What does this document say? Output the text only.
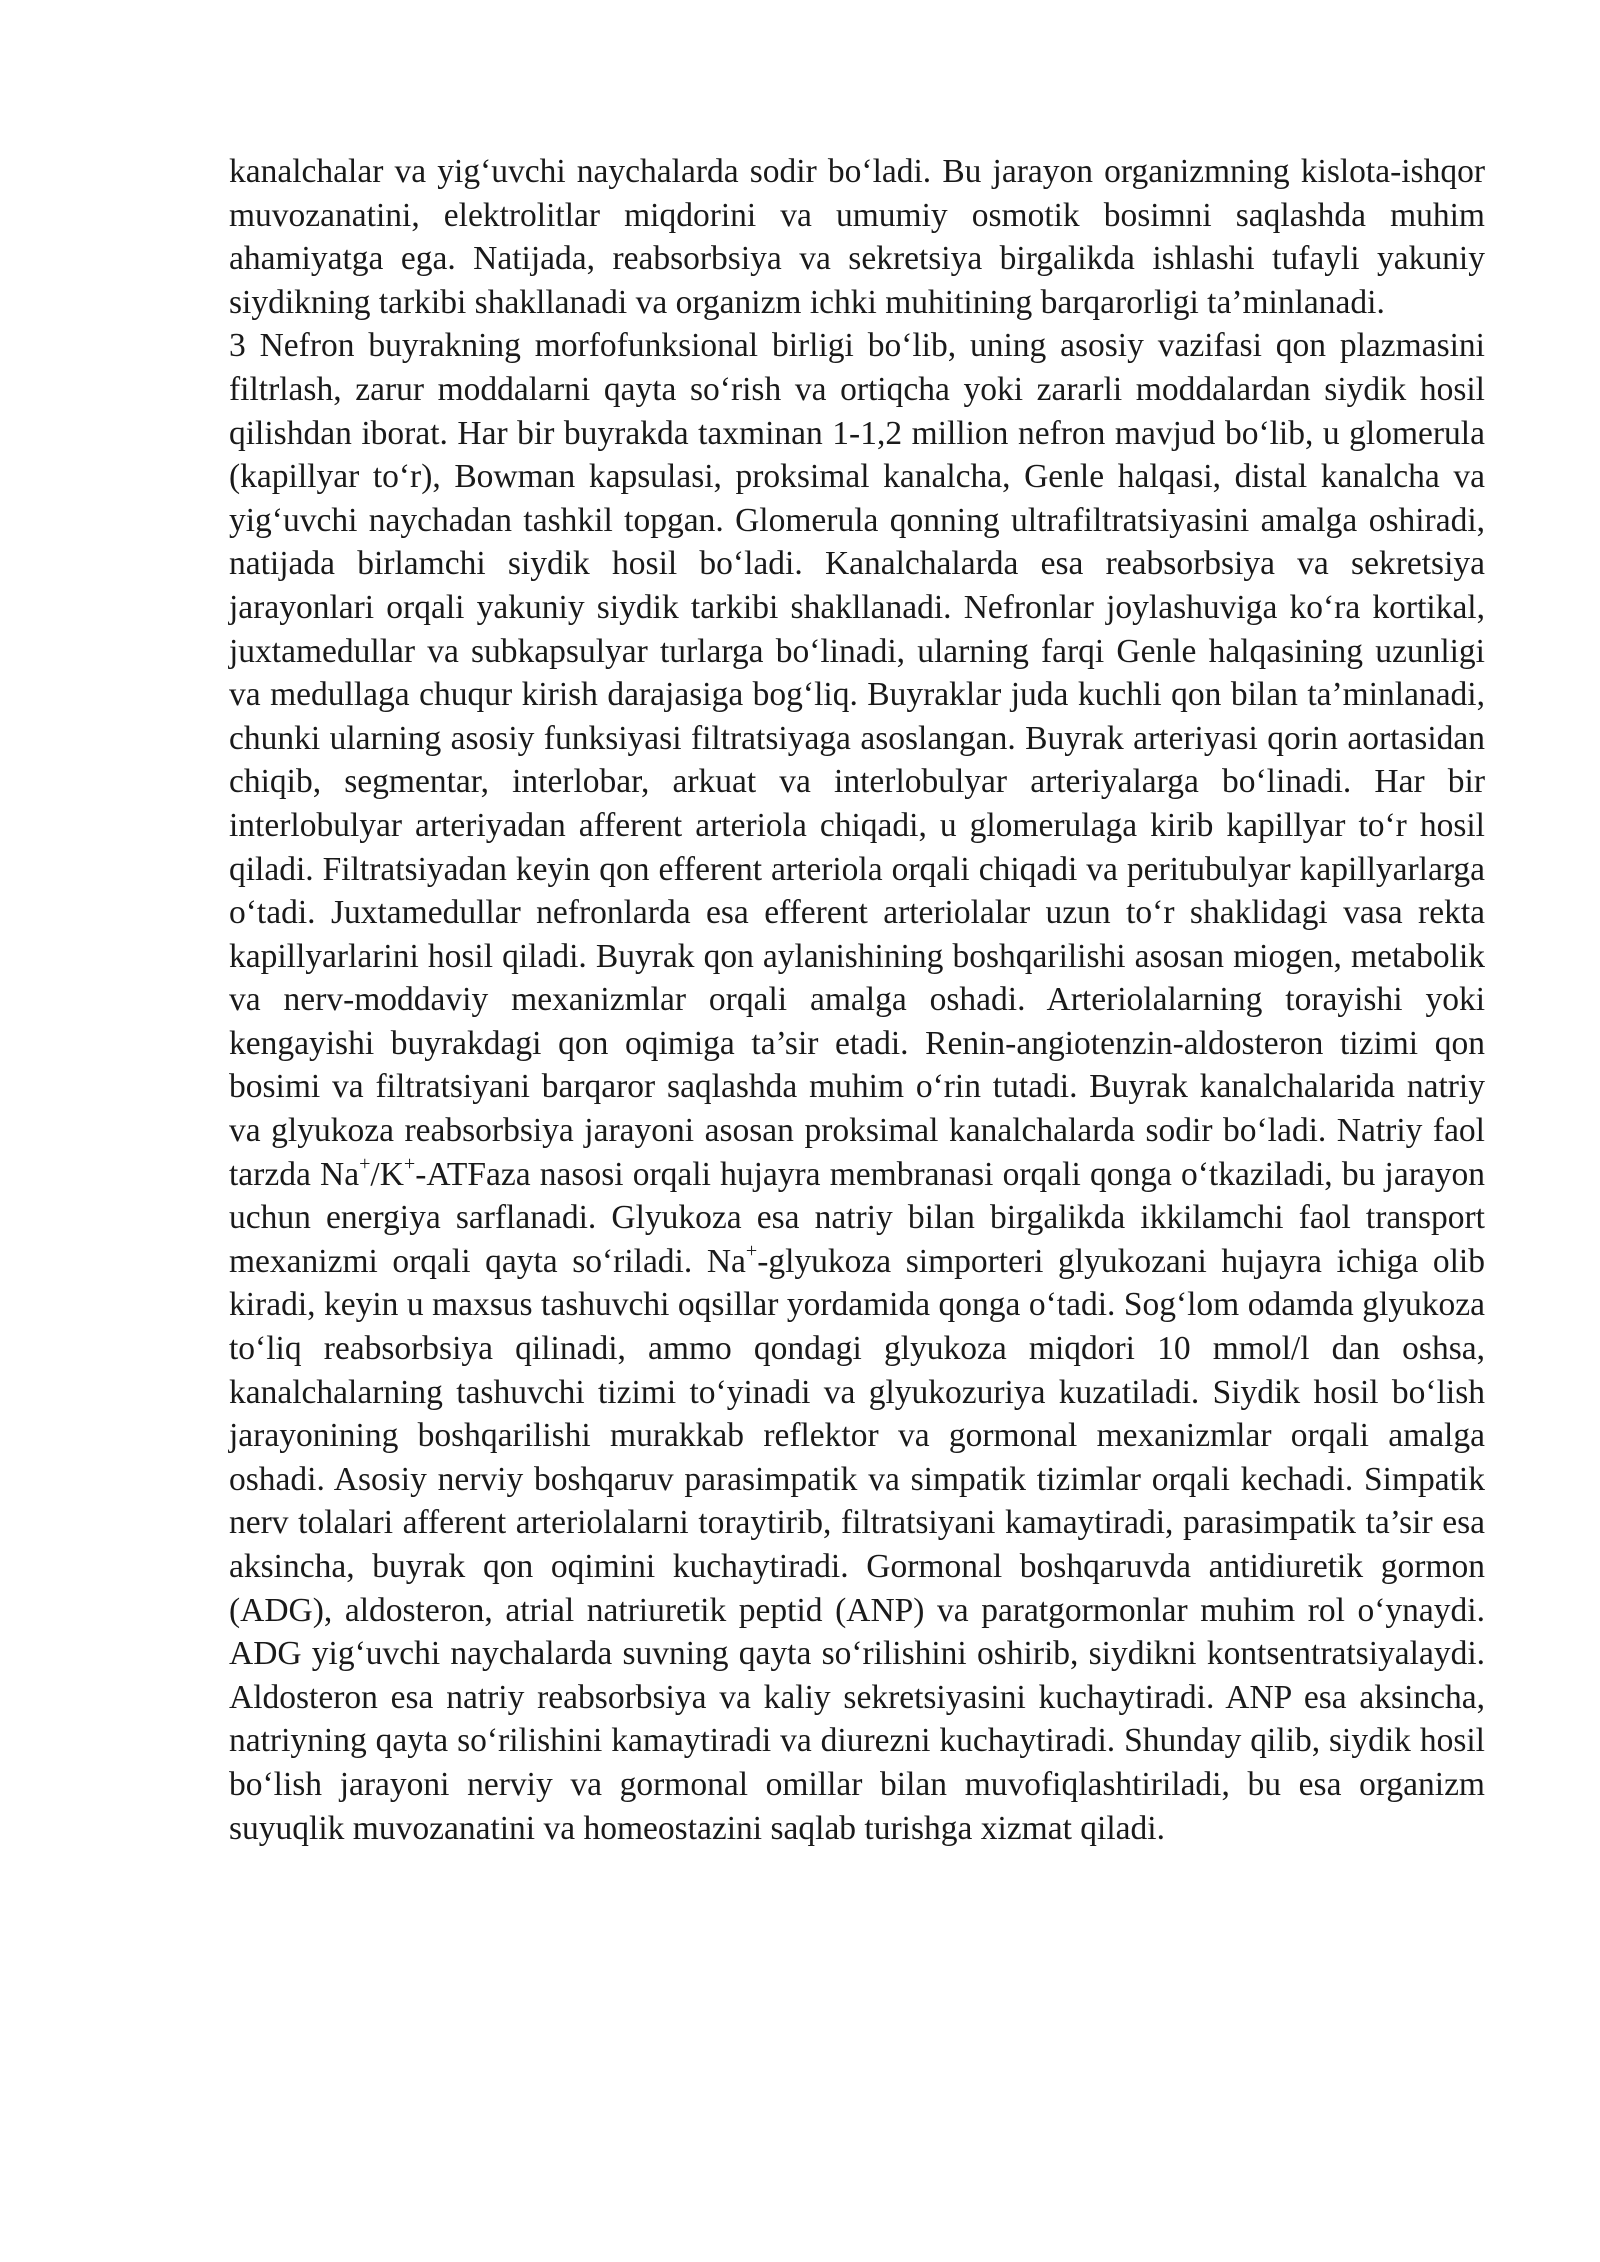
kanalchalar va yig‘uvchi naychalarda sodir bo‘ladi. Bu jarayon organizmning kislota-ishqor muvozanatini, elektrolitlar miqdorini va umumiy osmotik bosimni saqlashda muhim ahamiyatga ega. Natijada, reabsorbsiya va sekretsiya birgalikda ishlashi tufayli yakuniy siydikning tarkibi shakllanadi va organizm ichki muhitining barqarorligi ta’minlanadi.

3 Nefron buyrakning morfofunksional birligi bo‘lib, uning asosiy vazifasi qon plazmasini filtrlash, zarur moddalarni qayta so‘rish va ortiqcha yoki zararli moddalardan siydik hosil qilishdan iborat. Har bir buyrakda taxminan 1-1,2 million nefron mavjud bo‘lib, u glomerula (kapillyar to‘r), Bowman kapsulasi, proksimal kanalcha, Genle halqasi, distal kanalcha va yig‘uvchi naychadan tashkil topgan. Glomerula qonning ultrafiltratsiyasini amalga oshiradi, natijada birlamchi siydik hosil bo‘ladi. Kanalchalarda esa reabsorbsiya va sekretsiya jarayonlari orqali yakuniy siydik tarkibi shakllanadi. Nefronlar joylashuviga ko‘ra kortikal, juxtamedullar va subkapsulyar turlarga bo‘linadi, ularning farqi Genle halqasining uzunligi va medullaga chuqur kirish darajasiga bog‘liq. Buyraklar juda kuchli qon bilan ta’minlanadi, chunki ularning asosiy funksiyasi filtratsiyaga asoslangan. Buyrak arteriyasi qorin aortasidan chiqib, segmentar, interlobar, arkuat va interlobulyar arteriyalarga bo‘linadi. Har bir interlobulyar arteriyadan afferent arteriola chiqadi, u glomerulaga kirib kapillyar to‘r hosil qiladi. Filtratsiyadan keyin qon efferent arteriola orqali chiqadi va peritubulyar kapillyarlarga o‘tadi. Juxtamedullar nefronlarda esa efferent arteriolalar uzun to‘r shaklidagi vasa rekta kapillyarlarini hosil qiladi. Buyrak qon aylanishining boshqarilishi asosan miogen, metabolik va nerv-moddaviy mexanizmlar orqali amalga oshadi. Arteriolalarning torayishi yoki kengayishi buyrakdagi qon oqimiga ta’sir etadi. Renin-angiotenzin-aldosteron tizimi qon bosimi va filtratsiyani barqaror saqlashda muhim o‘rin tutadi. Buyrak kanalchalarida natriy va glyukoza reabsorbsiya jarayoni asosan proksimal kanalchalarda sodir bo‘ladi. Natriy faol tarzda Na+/K+-ATFaza nasosi orqali hujayra membranasi orqali qonga o‘tkaziladi, bu jarayon uchun energiya sarflanadi. Glyukoza esa natriy bilan birgalikda ikkilamchi faol transport mexanizmi orqali qayta so‘riladi. Na+-glyukoza simporteri glyukozani hujayra ichiga olib kiradi, keyin u maxsus tashuvchi oqsillar yordamida qonga o‘tadi. Sog‘lom odamda glyukoza to‘liq reabsorbsiya qilinadi, ammo qondagi glyukoza miqdori 10 mmol/l dan oshsa, kanalchalarning tashuvchi tizimi to‘yinadi va glyukozuriya kuzatiladi. Siydik hosil bo‘lish jarayonining boshqarilishi murakkab reflektor va gormonal mexanizmlar orqali amalga oshadi. Asosiy nerviy boshqaruv parasimpatik va simpatik tizimlar orqali kechadi. Simpatik nerv tolalari afferent arteriolalarni toraytirib, filtratsiyani kamaytiradi, parasimpatik ta’sir esa aksincha, buyrak qon oqimini kuchaytiradi. Gormonal boshqaruvda antidiuretik gormon (ADG), aldosteron, atrial natriuretik peptid (ANP) va paratgormonlar muhim rol o‘ynaydi. ADG yig‘uvchi naychalarda suvning qayta so‘rilishini oshirib, siydikni kontsentratsiyalaydi. Aldosteron esa natriy reabsorbsiya va kaliy sekretsiyasini kuchaytiradi. ANP esa aksincha, natriyning qayta so‘rilishini kamaytiradi va diurezni kuchaytiradi. Shunday qilib, siydik hosil bo‘lish jarayoni nerviy va gormonal omillar bilan muvofiqlashtiriladi, bu esa organizm suyuqlik muvozanatini va homeostazini saqlab turishga xizmat qiladi.
